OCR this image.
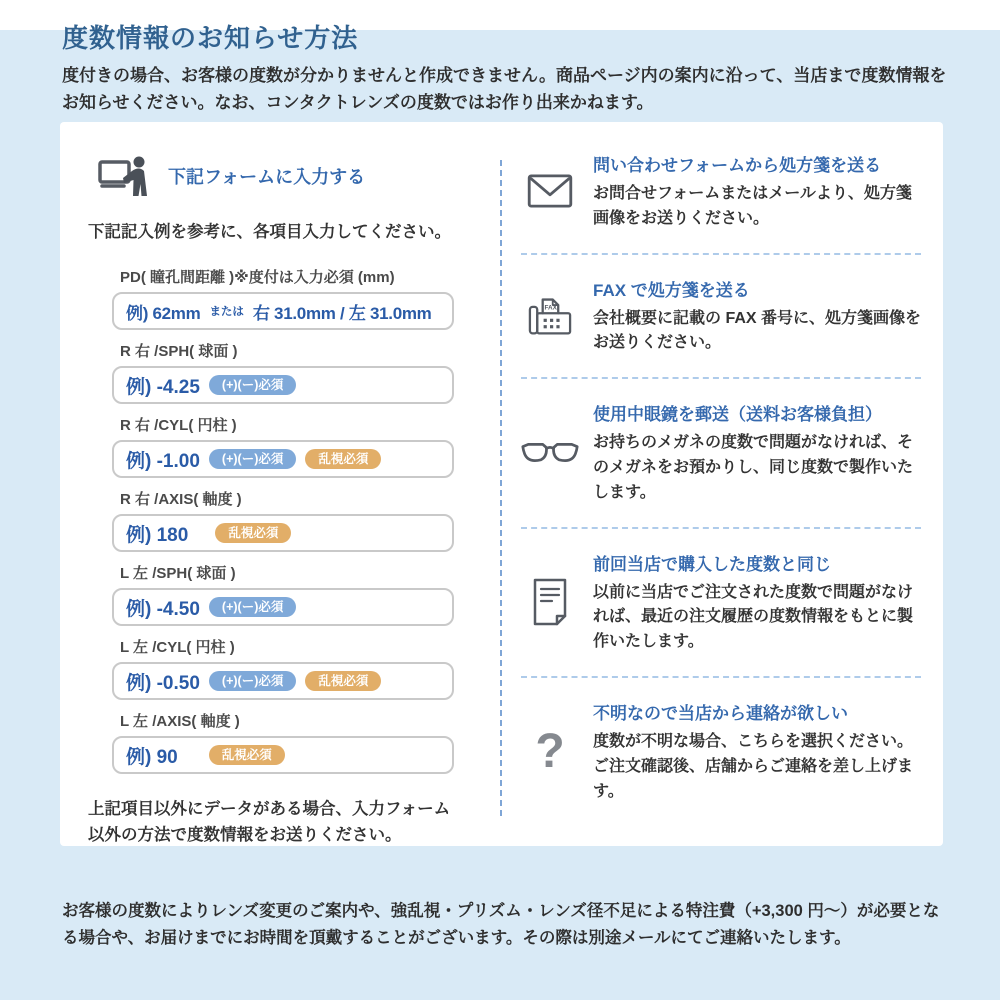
度数情報のお知らせ方法

度付きの場合、お客様の度数が分かりませんと作成できません。商品ページ内の案内に沿って、当店まで度数情報をお知らせください。なお、コンタクトレンズの度数ではお作り出来かねます。

下記フォームに入力する

下記記入例を参考に、各項目入力してください。

PD( 瞳孔間距離 )※度付は入力必須 (mm)
例) 62mm または 右 31.0mm / 左 31.0mm
R 右 /SPH( 球面 )
例) -4.25	(+)(ー)必須
R 右 /CYL( 円柱 )
例) -1.00	(+)(ー)必須	乱視必須
R 右 /AXIS( 軸度 )
例) 180	乱視必須
L 左 /SPH( 球面 )
例) -4.50	(+)(ー)必須
L 左 /CYL( 円柱 )
例) -0.50	(+)(ー)必須	乱視必須
L 左 /AXIS( 軸度 )
例) 90	乱視必須

上記項目以外にデータがある場合、入力フォーム以外の方法で度数情報をお送りください。

問い合わせフォームから処方箋を送る
お問合せフォームまたはメールより、処方箋画像をお送りください。
FAX
FAX で処方箋を送る
会社概要に記載の FAX 番号に、処方箋画像をお送りください。
使用中眼鏡を郵送（送料お客様負担）
お持ちのメガネの度数で問題がなければ、そのメガネをお預かりし、同じ度数で製作いたします。
前回当店で購入した度数と同じ
以前に当店でご注文された度数で問題がなければ、最近の注文履歴の度数情報をもとに製作いたします。
?
不明なので当店から連絡が欲しい
度数が不明な場合、こちらを選択ください。ご注文確認後、店舗からご連絡を差し上げます。

お客様の度数によりレンズ変更のご案内や、強乱視・プリズム・レンズ径不足による特注費（+3,300 円〜）が必要となる場合や、お届けまでにお時間を頂戴することがございます。その際は別途メールにてご連絡いたします。
